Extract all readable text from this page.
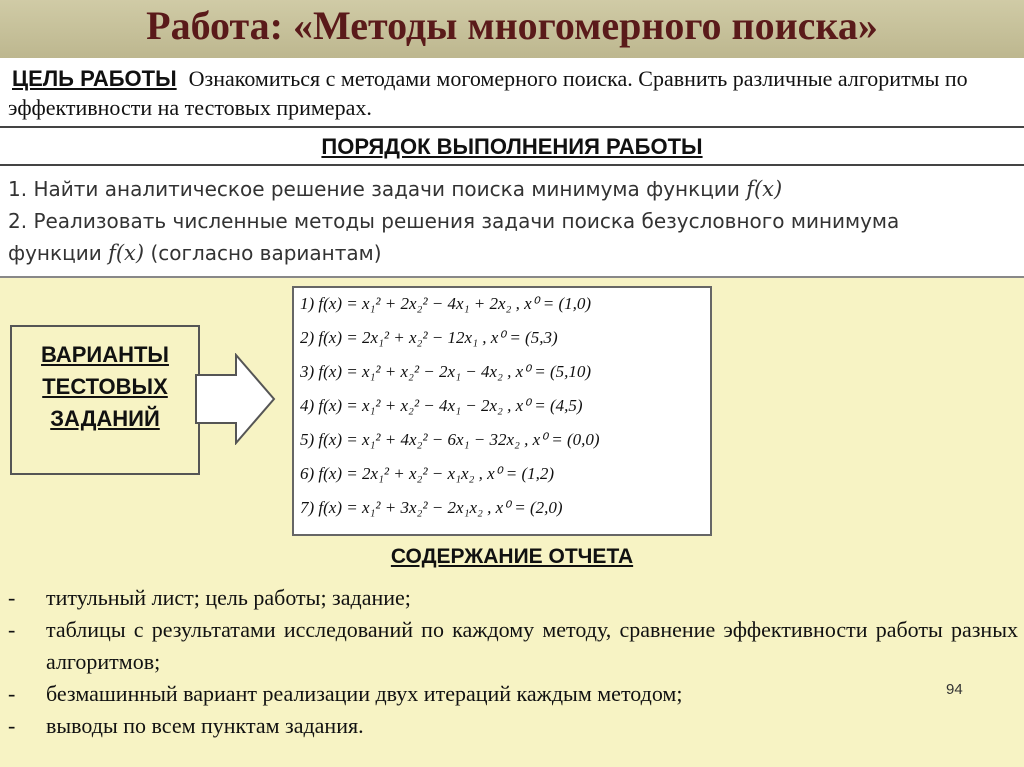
Работа: «Методы многомерного поиска»
ЦЕЛЬ РАБОТЫ Ознакомиться с методами могомерного поиска. Сравнить различные алгоритмы по эффективности на тестовых примерах.
ПОРЯДОК ВЫПОЛНЕНИЯ РАБОТЫ

1. Найти аналитическое решение задачи поиска минимума функции f(x)

2. Реализовать численные методы решения задачи поиска безусловного минимума

функции f(x) (согласно вариантам)

ВАРИАНТЫ
ТЕСТОВЫХ
ЗАДАНИЙ
1) f(x) = x₁² + 2x₂² − 4x₁ + 2x₂ , x⁰ = (1,0)
2) f(x) = 2x₁² + x₂² − 12x₁ , x⁰ = (5,3)
3) f(x) = x₁² + x₂² − 2x₁ − 4x₂ , x⁰ = (5,10)
4) f(x) = x₁² + x₂² − 4x₁ − 2x₂ , x⁰ = (4,5)
5) f(x) = x₁² + 4x₂² − 6x₁ − 32x₂ , x⁰ = (0,0)
6) f(x) = 2x₁² + x₂² − x₁x₂ , x⁰ = (1,2)
7) f(x) = x₁² + 3x₂² − 2x₁x₂ , x⁰ = (2,0)
СОДЕРЖАНИЕ ОТЧЕТА
- титульный лист; цель работы; задание;
- таблицы с результатами исследований по каждому методу, сравнение эффективности работы разных алгоритмов;
- безмашинный вариант реализации двух итераций каждым методом;
- выводы по всем пунктам задания.
94
